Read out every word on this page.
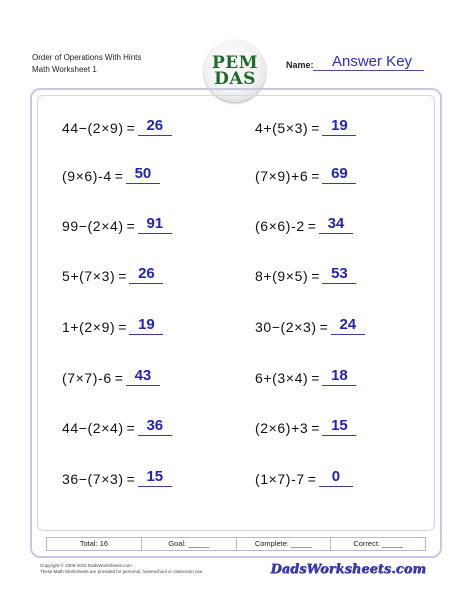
Order of Operations With Hints
Math Worksheet 1	PEM
DAS
Name: Answer Key
44−(2×9) = 26
(9×6)-4 = 50
99−(2×4) = 91
5+(7×3) = 26
1+(2×9) = 19
(7×7)-6 = 43
44−(2×4) = 36
36−(7×3) = 15
4+(5×3) = 19
(7×9)+6 = 69
(6×6)-2 = 34
8+(9×5) = 53
30−(2×3) = 24
6+(3×4) = 18
(2×6)+3 = 15
(1×7)-7 =	0
Total: 16	Goal: _____	Complete: _____	Correct: _____
Copyright © 2008-2016 DadsWorksheets.com
These Math Worksheets are provided for personal, homeschool or classroom use.	DadsWorksheets.com
